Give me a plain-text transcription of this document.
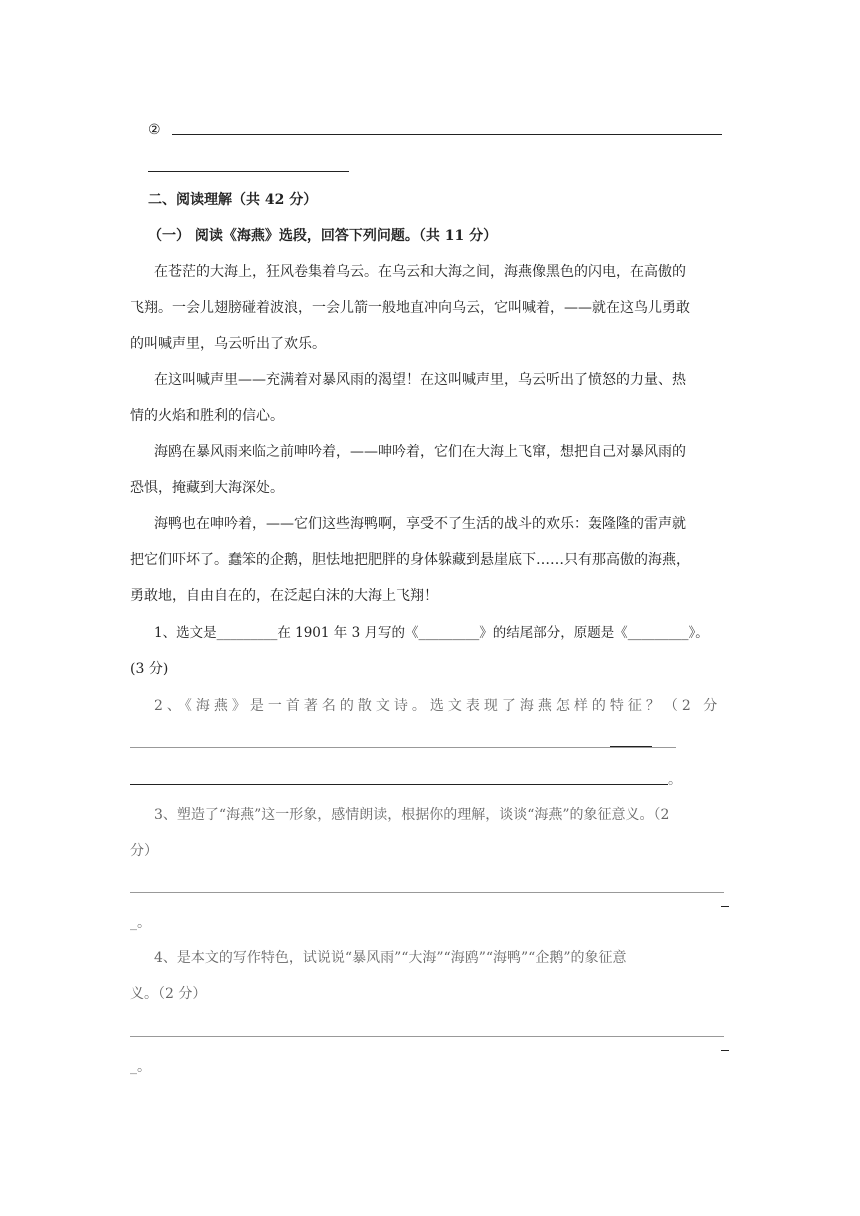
②
二、阅读理解（共 42 分）
（一） 阅读《海燕》选段，回答下列问题。（共 11 分）
在苍茫的大海上，狂风卷集着乌云。在乌云和大海之间，海燕像黑色的闪电，在高傲的
飞翔。一会儿翅膀碰着波浪，一会儿箭一般地直冲向乌云，它叫喊着，——就在这鸟儿勇敢
的叫喊声里，乌云听出了欢乐。
在这叫喊声里——充满着对暴风雨的渴望！在这叫喊声里，乌云听出了愤怒的力量、热
情的火焰和胜利的信心。
海鸥在暴风雨来临之前呻吟着，——呻吟着，它们在大海上飞窜，想把自己对暴风雨的
恐惧，掩藏到大海深处。
海鸭也在呻吟着，——它们这些海鸭啊，享受不了生活的战斗的欢乐：轰隆隆的雷声就
把它们吓坏了。蠢笨的企鹅，胆怯地把肥胖的身体躲藏到悬崖底下……只有那高傲的海燕，
勇敢地，自由自在的，在泛起白沫的大海上飞翔！
1、选文是_________在 1901 年 3 月写的《_________》的结尾部分，原题是《_________》。
(3 分)
2、《海燕》是一首著名的散文诗。选文表现了海燕怎样的特征？（2 分
。
3、塑造了“海燕”这一形象，感情朗读，根据你的理解，谈谈“海燕”的象征意义。（2
分）
_。
4、是本文的写作特色，试说说“暴风雨”“大海”“海鸥”“海鸭”“企鹅”的象征意
义。（2 分）
_。
